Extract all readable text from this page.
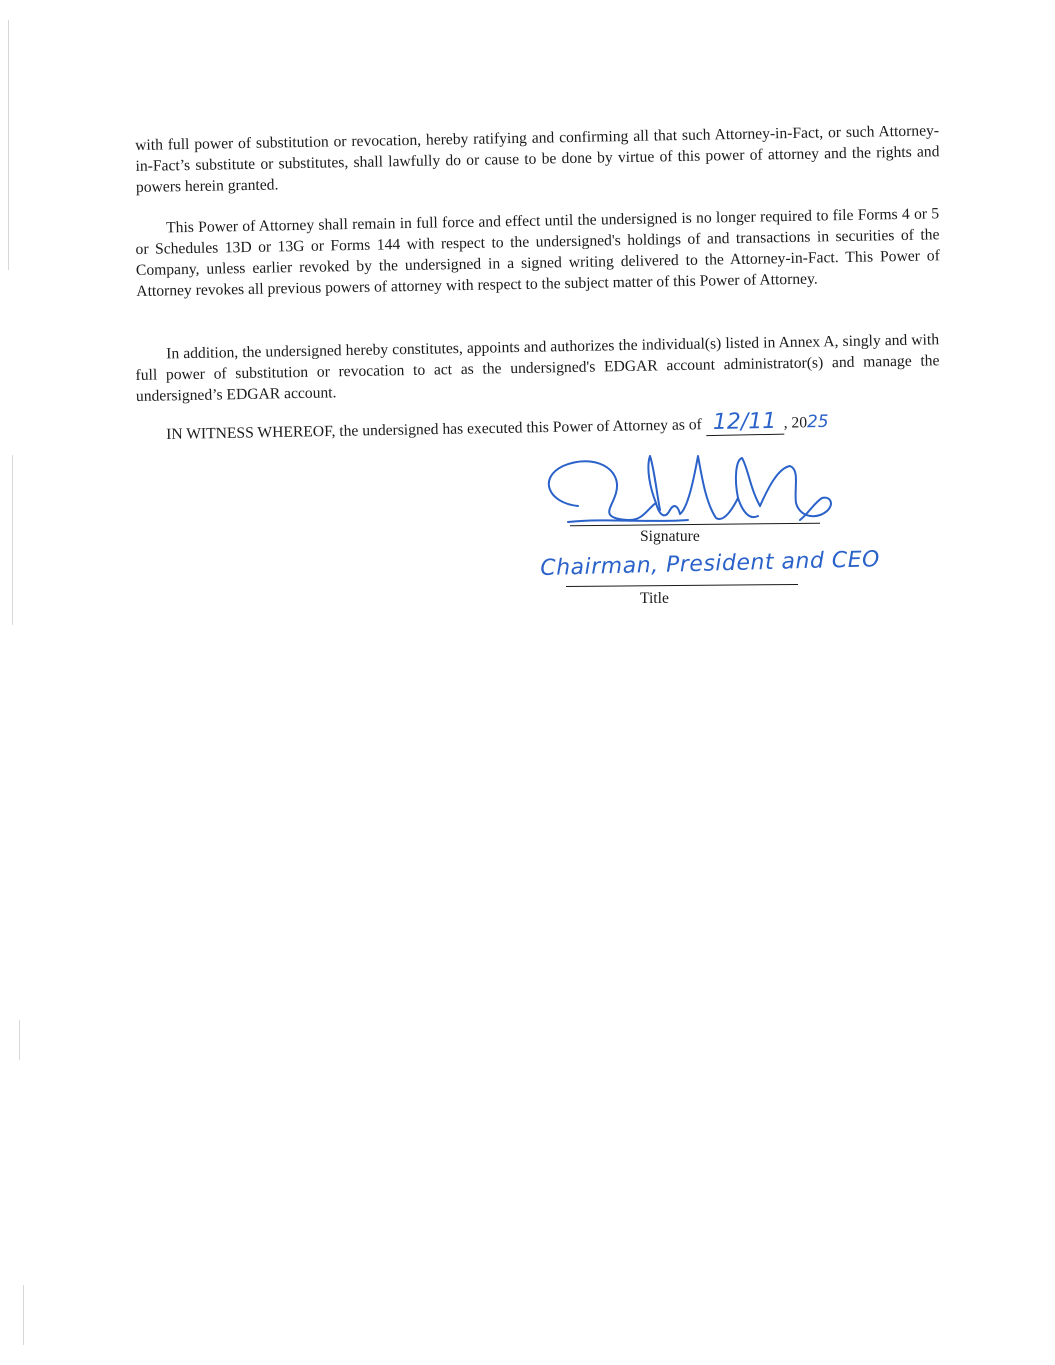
with full power of substitution or revocation, hereby ratifying and confirming all that such Attorney-in-Fact, or such Attorney-in-Fact’s substitute or substitutes, shall lawfully do or cause to be done by virtue of this power of attorney and the rights and powers herein granted.

This Power of Attorney shall remain in full force and effect until the undersigned is no longer required to file Forms 4 or 5 or Schedules 13D or 13G or Forms 144 with respect to the undersigned's holdings of and transactions in securities of the Company, unless earlier revoked by the undersigned in a signed writing delivered to the Attorney-in-Fact. This Power of Attorney revokes all previous powers of attorney with respect to the subject matter of this Power of Attorney.

In addition, the undersigned hereby constitutes, appoints and authorizes the individual(s) listed in Annex A, singly and with full power of substitution or revocation to act as the undersigned's EDGAR account administrator(s) and manage the undersigned’s EDGAR account.

IN WITNESS WHEREOF, the undersigned has executed this Power of Attorney as of 12/11 , 2025
Signature
Chairman, President and CEO
Title
